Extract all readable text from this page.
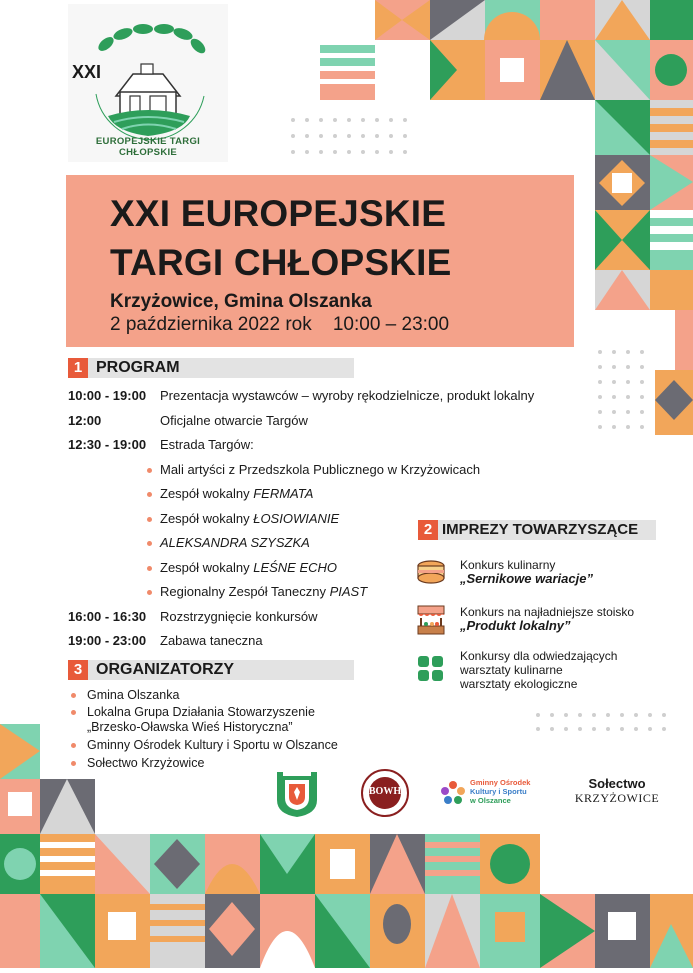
XXI
EUROPEJSKIE TARGI CHŁOPSKIE
XXI EUROPEJSKIE
TARGI CHŁOPSKIE
Krzyżowice, Gmina Olszanka
2 października 2022 rok    10:00 – 23:00
1 PROGRAM
10:00 - 19:00 Prezentacja wystawców – wyroby rękodzielnicze, produkt lokalny
12:00	Oficjalne otwarcie Targów
12:30 - 19:00 Estrada Targów:
Mali artyści z Przedszkola Publicznego w Krzyżowicach
Zespół wokalny FERMATA
Zespół wokalny ŁOSIOWIANIE
ALEKSANDRA SZYSZKA
Zespół wokalny LEŚNE ECHO
Regionalny Zespół Taneczny PIAST
16:00 - 16:30 Rozstrzygnięcie konkursów
19:00 - 23:00 Zabawa taneczna
2 IMPREZY TOWARZYSZĄCE
Konkurs kulinarny
„Sernikowe wariacje”
Konkurs na najładniejsze stoisko
„Produkt lokalny”
Konkursy dla odwiedzających
warsztaty kulinarne
warsztaty ekologiczne
3 ORGANIZATORZY
Gmina Olszanka
Lokalna Grupa Działania Stowarzyszenie
„Brzesko-Oławska Wieś Historyczna”
Gminny Ośrodek Kultury i Sportu w Olszance
Sołectwo Krzyżowice
BOWH
Gminny Ośrodek
Kultury i Sportu
w Olszance
Sołectwo
KRZYŻOWICE
